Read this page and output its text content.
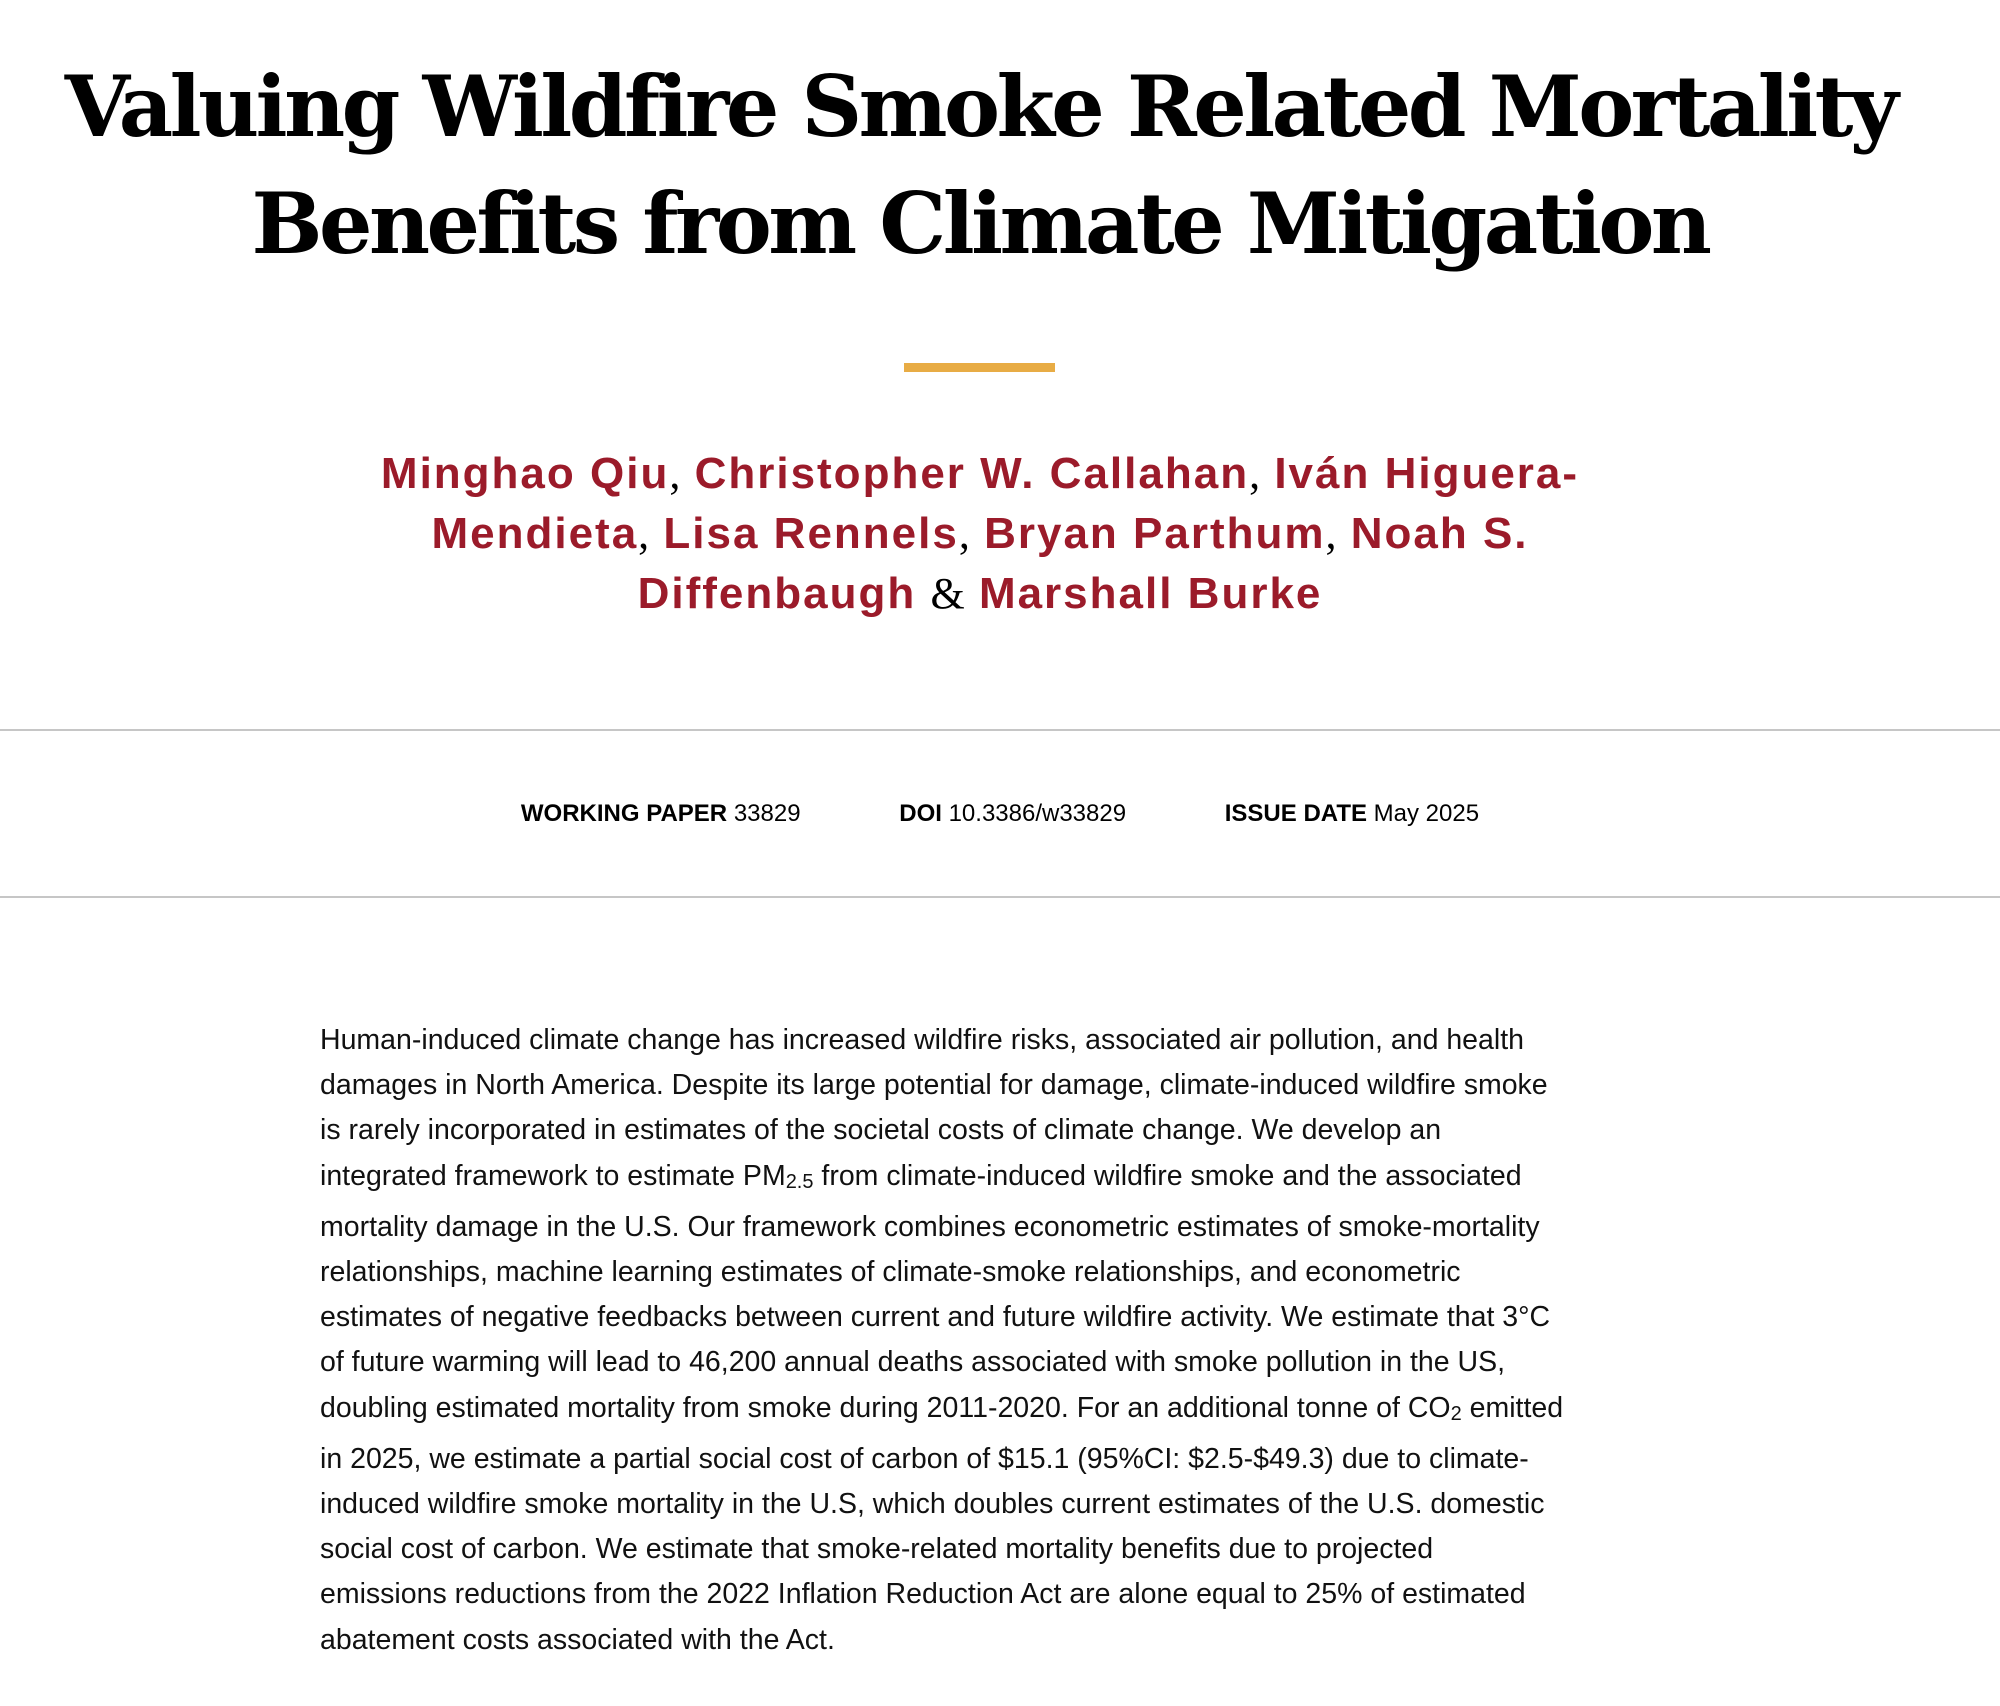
Valuing Wildfire Smoke Related Mortality
Benefits from Climate Mitigation
Minghao Qiu, Christopher W. Callahan, Iván Higuera-
Mendieta, Lisa Rennels, Bryan Parthum, Noah S.
Diffenbaugh & Marshall Burke
WORKING PAPER 33829	DOI 10.3386/w33829	ISSUE DATE May 2025
Human-induced climate change has increased wildfire risks, associated air pollution, and health
damages in North America. Despite its large potential for damage, climate-induced wildfire smoke
is rarely incorporated in estimates of the societal costs of climate change. We develop an
integrated framework to estimate PM2.5 from climate-induced wildfire smoke and the associated
mortality damage in the U.S. Our framework combines econometric estimates of smoke-mortality
relationships, machine learning estimates of climate-smoke relationships, and econometric
estimates of negative feedbacks between current and future wildfire activity. We estimate that 3°C
of future warming will lead to 46,200 annual deaths associated with smoke pollution in the US,
doubling estimated mortality from smoke during 2011-2020. For an additional tonne of CO2 emitted
in 2025, we estimate a partial social cost of carbon of $15.1 (95%CI: $2.5-$49.3) due to climate-
induced wildfire smoke mortality in the U.S, which doubles current estimates of the U.S. domestic
social cost of carbon. We estimate that smoke-related mortality benefits due to projected
emissions reductions from the 2022 Inflation Reduction Act are alone equal to 25% of estimated
abatement costs associated with the Act.
